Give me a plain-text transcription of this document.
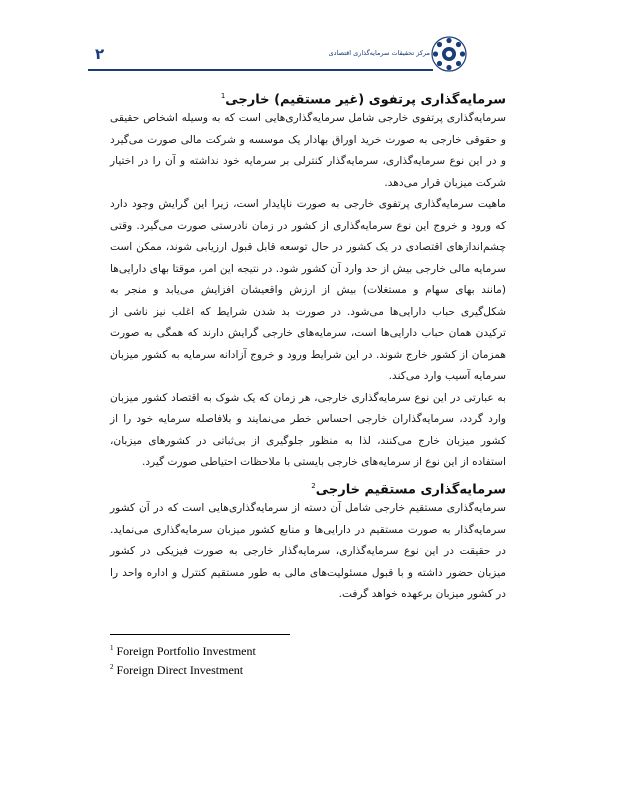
۲	مرکز تحقیقات سرمایه‌گذاری اقتصادی
سرمایه‌گذاری پرتفوی (غیر مستقیم) خارجی$^1$

سرمایه‌گذاری پرتفوی خارجی شامل سرمایه‌گذاری‌هایی است که به وسیله اشخاص حقیقی و حقوقی خارجی به صورت خرید اوراق بهادار یک موسسه و شرکت مالی صورت می‌گیرد و در این نوع سرمایه‌گذاری، سرمایه‌گذار کنترلی بر سرمایه خود نداشته و آن را در اختیار شرکت میزبان قرار می‌دهد.

ماهیت سرمایه‌گذاری پرتفوی خارجی به صورت ناپایدار است، زیرا این گرایش وجود دارد که ورود و خروج این نوع سرمایه‌گذاری از کشور در زمان نادرستی صورت می‌گیرد. وقتی چشم‌اندازهای اقتصادی در یک کشور در حال توسعه قابل قبول ارزیابی شوند، ممکن است سرمایه مالی خارجی بیش از حد وارد آن کشور شود. در نتیجه این امر، موقتا بهای دارایی‌ها (مانند بهای سهام و مستغلات) بیش از ارزش واقعیشان افزایش می‌یابد و منجر به شکل‌گیری حباب دارایی‌ها می‌شود. در صورت بد شدن شرایط که اغلب نیز ناشی از ترکیدن همان حباب دارایی‌ها است، سرمایه‌های خارجی گرایش دارند که همگی به صورت همزمان از کشور خارج شوند. در این شرایط ورود و خروج آزادانه سرمایه به کشور میزبان سرمایه آسیب وارد می‌کند.

به عبارتی در این نوع سرمایه‌گذاری خارجی، هر زمان که یک شوک به اقتصاد کشور میزبان وارد گردد، سرمایه‌گذاران خارجی احساس خطر می‌نمایند و بلافاصله سرمایه خود را از کشور میزبان خارج می‌کنند، لذا به منظور جلوگیری از بی‌ثباتی در کشورهای میزبان، استفاده از این نوع از سرمایه‌های خارجی بایستی با ملاحظات احتیاطی صورت گیرد.

سرمایه‌گذاری مستقیم خارجی$^2$

سرمایه‌گذاری مستقیم خارجی شامل آن دسته از سرمایه‌گذاری‌هایی است که در آن کشور سرمایه‌گذار به صورت مستقیم در دارایی‌ها و منابع کشور میزبان سرمایه‌گذاری می‌نماید. در حقیقت در این نوع سرمایه‌گذاری، سرمایه‌گذار خارجی به صورت فیزیکی در کشور میزبان حضور داشته و با قبول مسئولیت‌های مالی به طور مستقیم کنترل و اداره واحد را در کشور میزبان برعهده خواهد گرفت.

$^1$ Foreign Portfolio Investment
$^2$ Foreign Direct Investment
